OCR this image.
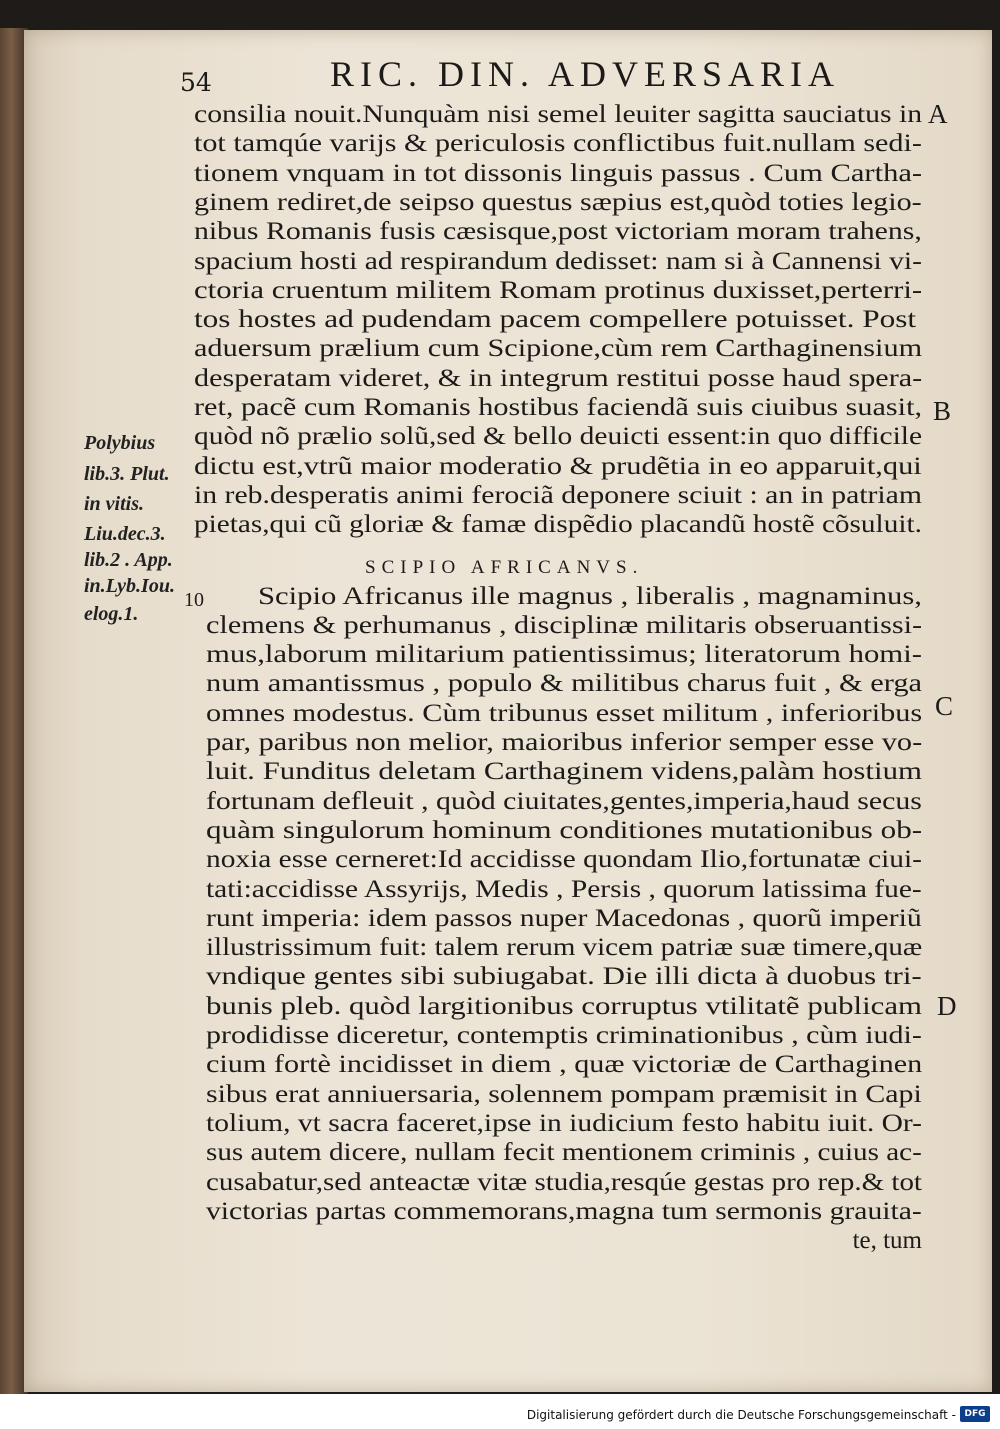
54	RIC. DIN. ADVERSARIA
consilia nouit.Nunquàm nisi semel leuiter sagitta sauciatus in
tot tamqúe varijs & periculosis conflictibus fuit.nullam sedi-
tionem vnquam in tot dissonis linguis passus . Cum Cartha-
ginem rediret,de seipso questus sæpius est,quòd toties legio-
nibus Romanis fusis cæsisque,post victoriam moram trahens,
spacium hosti ad respirandum dedisset: nam si à Cannensi vi-
ctoria cruentum militem Romam protinus duxisset,perterri-
tos hostes ad pudendam pacem compellere potuisset. Post
aduersum prælium cum Scipione,cùm rem Carthaginensium
desperatam videret, & in integrum restitui posse haud spera-
ret, pacẽ cum Romanis hostibus faciendã suis ciuibus suasit,
quòd nõ prælio solũ,sed & bello deuicti essent:in quo difficile
dictu est,vtrũ maior moderatio & prudẽtia in eo apparuit,qui
in reb.desperatis animi ferociã deponere sciuit : an in patriam
pietas,qui cũ gloriæ & famæ dispẽdio placandũ hostẽ cõsuluit.
10 Scipio Africanus ille magnus , liberalis , magnaminus,
clemens & perhumanus , disciplinæ militaris obseruantissi-
mus,laborum militarium patientissimus; literatorum homi-
num amantissmus , populo & militibus charus fuit , & erga
omnes modestus. Cùm tribunus esset militum , inferioribus
par, paribus non melior, maioribus inferior semper esse vo-
luit. Funditus deletam Carthaginem videns,palàm hostium
fortunam defleuit , quòd ciuitates,gentes,imperia,haud secus
quàm singulorum hominum conditiones mutationibus ob-
noxia esse cerneret:Id accidisse quondam Ilio,fortunatæ ciui-
tati:accidisse Assyrijs, Medis , Persis , quorum latissima fue-
runt imperia: idem passos nuper Macedonas , quorũ imperiũ
illustrissimum fuit: talem rerum vicem patriæ suæ timere,quæ
vndique gentes sibi subiugabat. Die illi dicta à duobus tri-
bunis pleb. quòd largitionibus corruptus vtilitatẽ publicam
prodidisse diceretur, contemptis criminationibus , cùm iudi-
cium fortè incidisset in diem , quæ victoriæ de Carthaginen
sibus erat anniuersaria, solennem pompam præmisit in Capi
tolium, vt sacra faceret,ipse in iudicium festo habitu iuit. Or-
sus autem dicere, nullam fecit mentionem criminis , cuius ac-
cusabatur,sed anteactæ vitæ studia,resqúe gestas pro rep.& tot
victorias partas commemorans,magna tum sermonis grauita-
te, tum
SCIPIO AFRICANVS.
Polybius
lib.3. Plut.
in vitis.
Liu.dec.3.
lib.2 . App.
in.Lyb.Iou.
elog.1.
A
B
C
D
Digitalisierung gefördert durch die Deutsche Forschungsgemeinschaft - DFG
